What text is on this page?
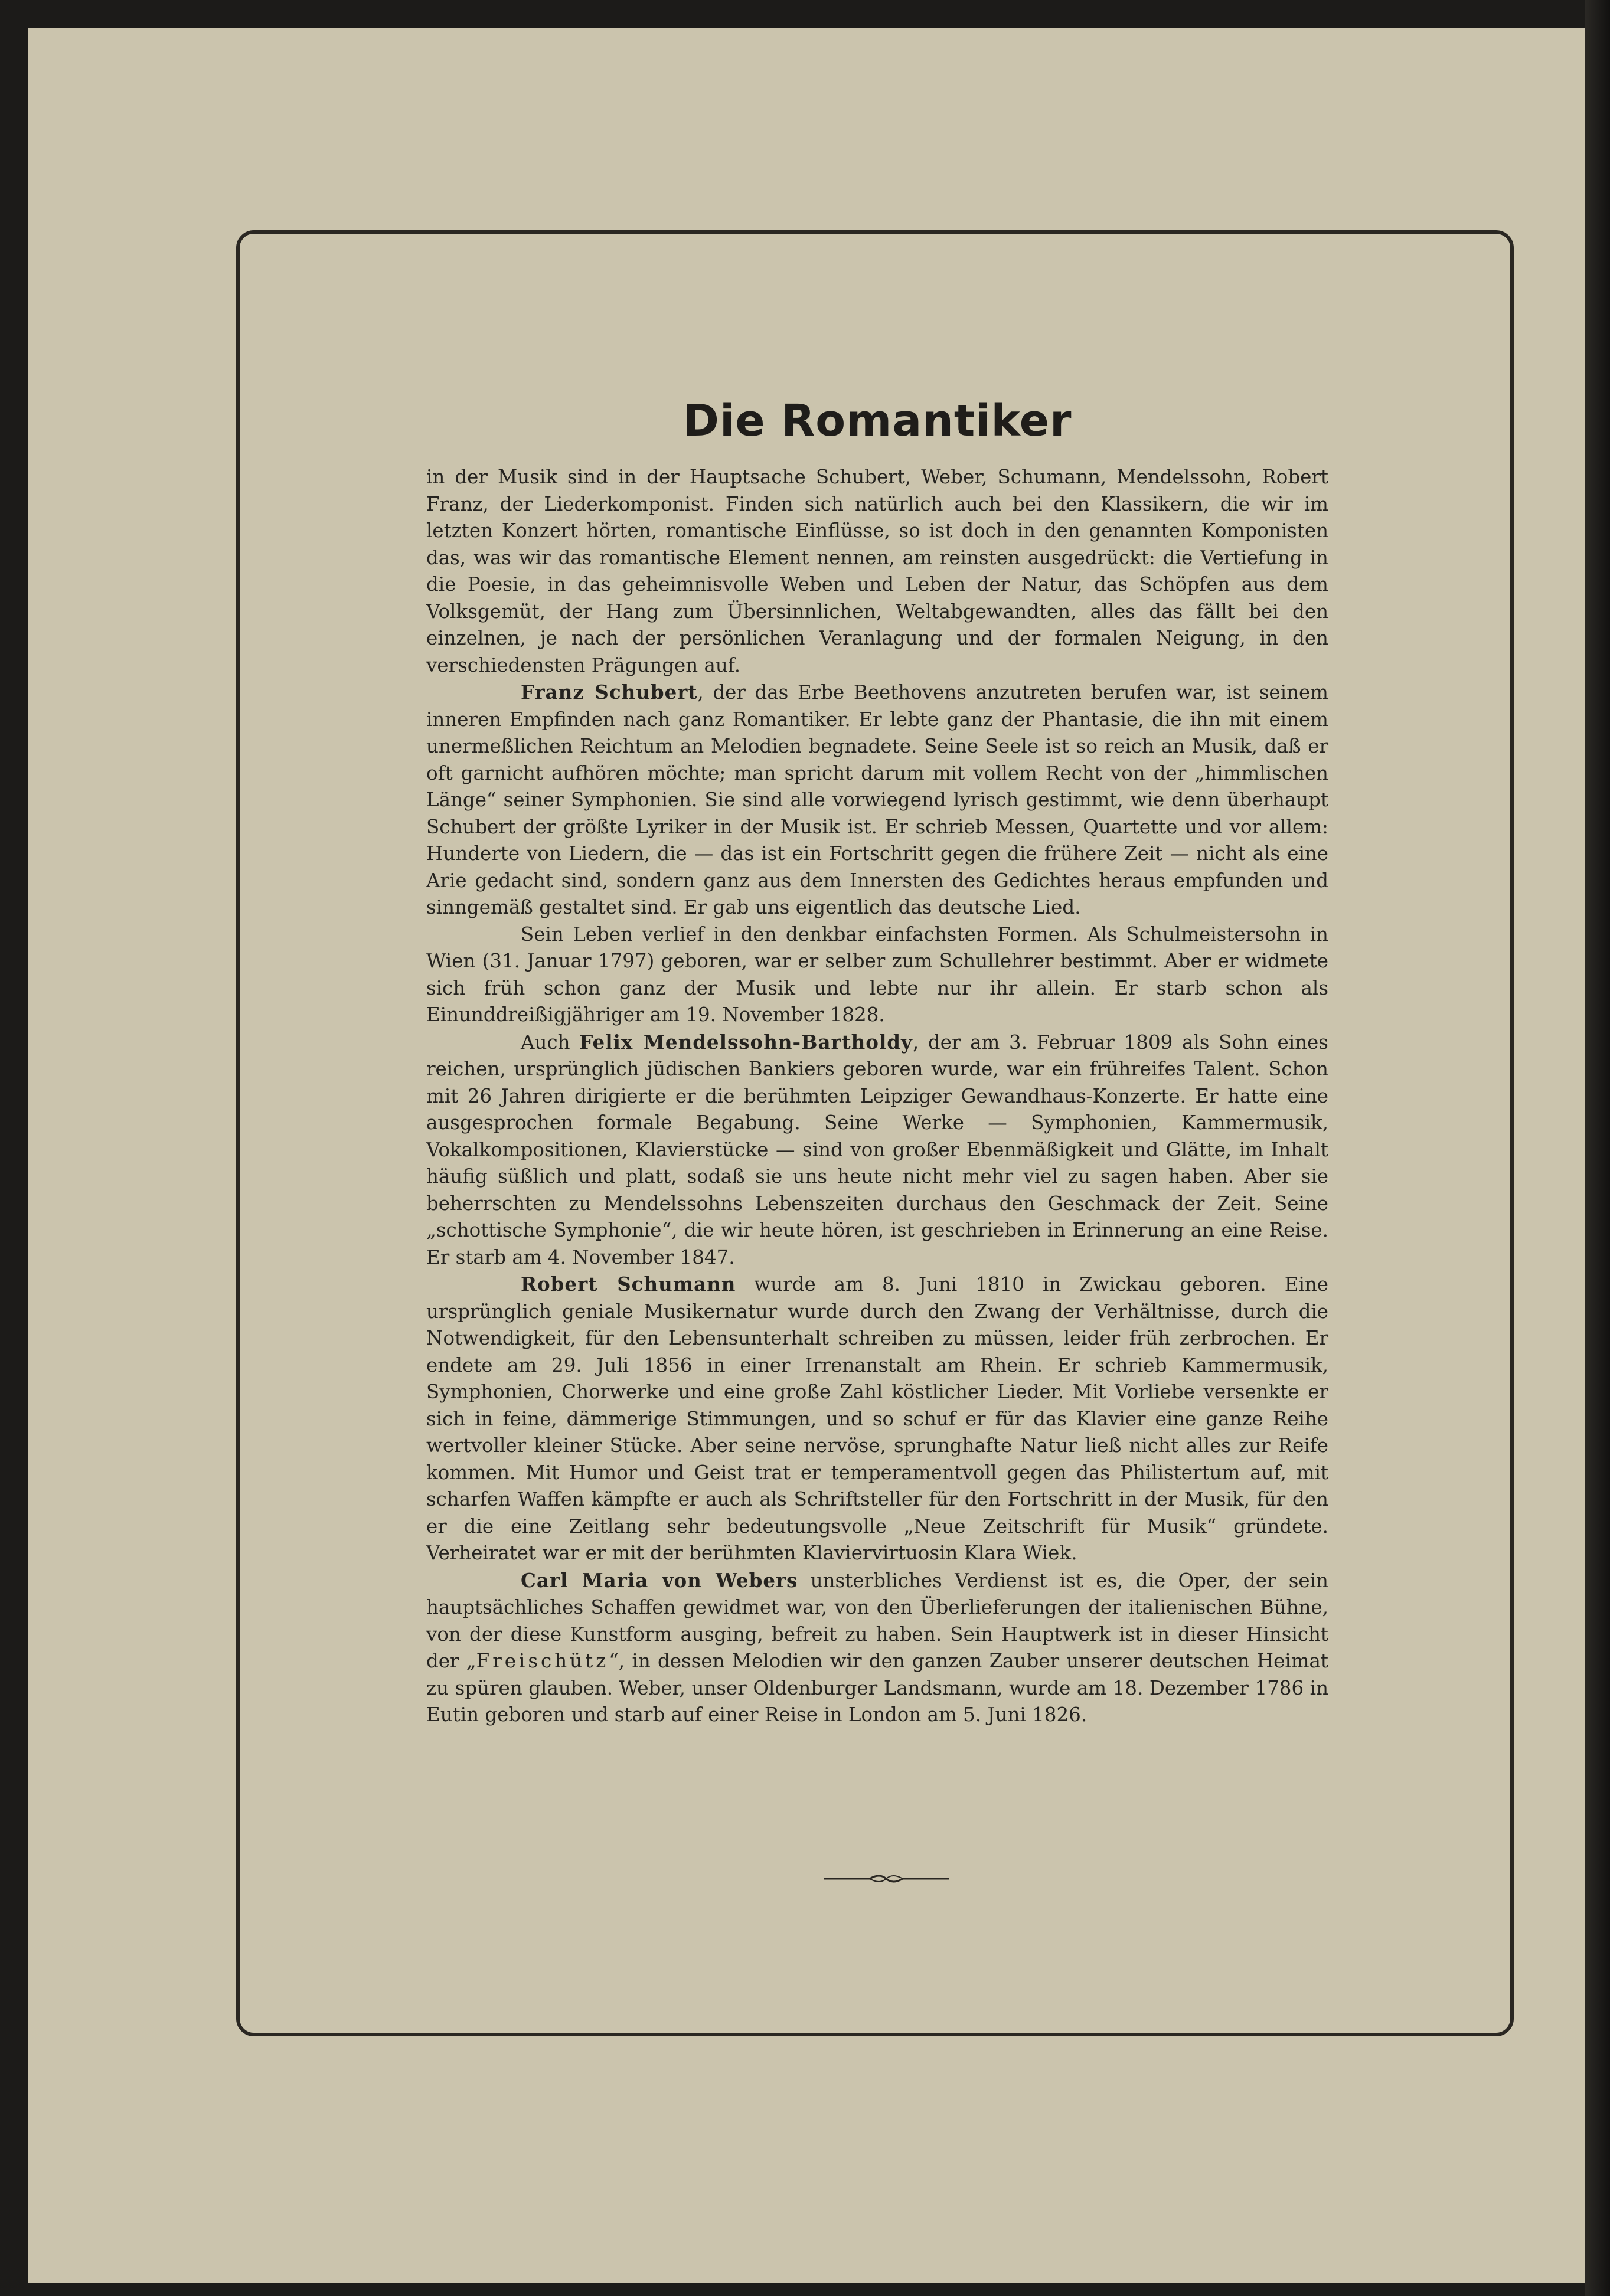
Die Romantiker

in der Musik sind in der Hauptsache Schubert, Weber, Schumann, Mendelssohn, Robert Franz, der Liederkomponist. Finden sich natürlich auch bei den Klassikern, die wir im letzten Konzert hörten, romantische Einflüsse, so ist doch in den genannten Komponisten das, was wir das romantische Element nennen, am reinsten ausgedrückt: die Vertiefung in die Poesie, in das geheimnisvolle Weben und Leben der Natur, das Schöpfen aus dem Volksgemüt, der Hang zum Übersinnlichen, Weltabgewandten, alles das fällt bei den einzelnen, je nach der persönlichen Veranlagung und der formalen Neigung, in den verschiedensten Prägungen auf.

Franz Schubert, der das Erbe Beethovens anzutreten berufen war, ist seinem inneren Empfinden nach ganz Romantiker. Er lebte ganz der Phantasie, die ihn mit einem unermeßlichen Reichtum an Melodien begnadete. Seine Seele ist so reich an Musik, daß er oft garnicht aufhören möchte; man spricht darum mit vollem Recht von der „himmlischen Länge“ seiner Symphonien. Sie sind alle vorwiegend lyrisch gestimmt, wie denn überhaupt Schubert der größte Lyriker in der Musik ist. Er schrieb Messen, Quartette und vor allem: Hunderte von Liedern, die — das ist ein Fortschritt gegen die frühere Zeit — nicht als eine Arie gedacht sind, sondern ganz aus dem Innersten des Gedichtes heraus empfunden und sinngemäß gestaltet sind. Er gab uns eigentlich das deutsche Lied.

Sein Leben verlief in den denkbar einfachsten Formen. Als Schulmeistersohn in Wien (31. Januar 1797) geboren, war er selber zum Schullehrer bestimmt. Aber er widmete sich früh schon ganz der Musik und lebte nur ihr allein. Er starb schon als Einunddreißigjähriger am 19. November 1828.

Auch Felix Mendelssohn-Bartholdy, der am 3. Februar 1809 als Sohn eines reichen, ursprünglich jüdischen Bankiers geboren wurde, war ein frühreifes Talent. Schon mit 26 Jahren dirigierte er die berühmten Leipziger Gewandhaus-Konzerte. Er hatte eine ausgesprochen formale Begabung. Seine Werke — Symphonien, Kammermusik, Vokalkompositionen, Klavierstücke — sind von großer Ebenmäßigkeit und Glätte, im Inhalt häufig süßlich und platt, sodaß sie uns heute nicht mehr viel zu sagen haben. Aber sie beherrschten zu Mendelssohns Lebenszeiten durchaus den Geschmack der Zeit. Seine „schottische Symphonie“, die wir heute hören, ist geschrieben in Erinnerung an eine Reise. Er starb am 4. November 1847.

Robert Schumann wurde am 8. Juni 1810 in Zwickau geboren. Eine ursprünglich geniale Musikernatur wurde durch den Zwang der Verhältnisse, durch die Notwendigkeit, für den Lebensunterhalt schreiben zu müssen, leider früh zerbrochen. Er endete am 29. Juli 1856 in einer Irrenanstalt am Rhein. Er schrieb Kammermusik, Symphonien, Chorwerke und eine große Zahl köstlicher Lieder. Mit Vorliebe versenkte er sich in feine, dämmerige Stimmungen, und so schuf er für das Klavier eine ganze Reihe wertvoller kleiner Stücke. Aber seine nervöse, sprunghafte Natur ließ nicht alles zur Reife kommen. Mit Humor und Geist trat er temperamentvoll gegen das Philistertum auf, mit scharfen Waffen kämpfte er auch als Schriftsteller für den Fortschritt in der Musik, für den er die eine Zeitlang sehr bedeutungsvolle „Neue Zeitschrift für Musik“ gründete. Verheiratet war er mit der berühmten Klaviervirtuosin Klara Wiek.

Carl Maria von Webers unsterbliches Verdienst ist es, die Oper, der sein hauptsächliches Schaffen gewidmet war, von den Überlieferungen der italienischen Bühne, von der diese Kunstform ausging, befreit zu haben. Sein Hauptwerk ist in dieser Hinsicht der „Freischütz“, in dessen Melodien wir den ganzen Zauber unserer deutschen Heimat zu spüren glauben. Weber, unser Oldenburger Landsmann, wurde am 18. Dezember 1786 in Eutin geboren und starb auf einer Reise in London am 5. Juni 1826.
